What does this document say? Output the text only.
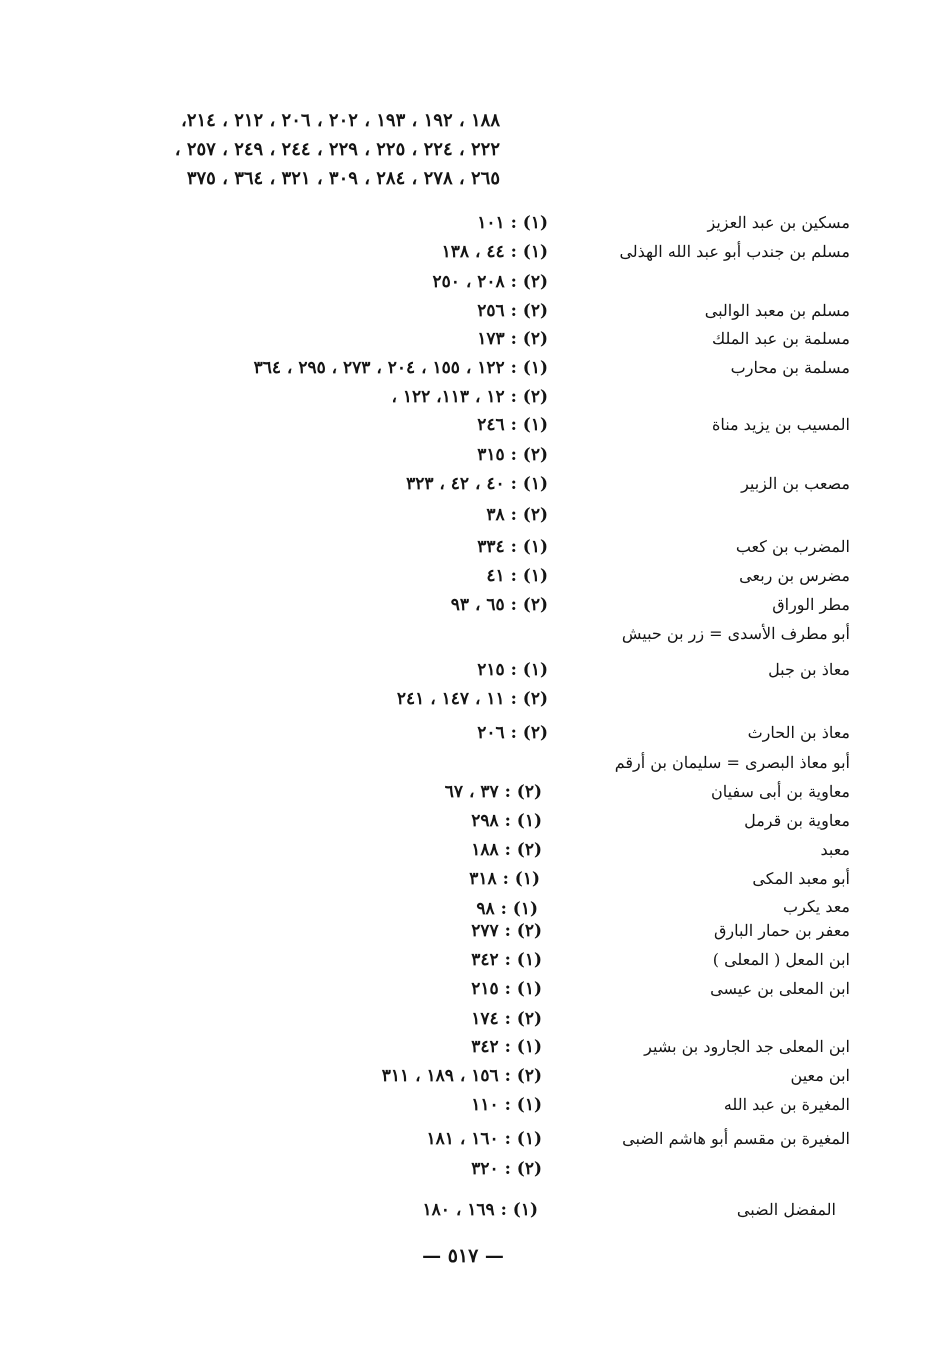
١٨٨ ، ١٩٢ ، ١٩٣ ، ٢٠٢ ، ٢٠٦ ، ٢١٢ ، ٢١٤،
٢٢٢ ، ٢٢٤ ، ٢٢٥ ، ٢٢٩ ، ٢٤٤ ، ٢٤٩ ، ٢٥٧ ،
٢٦٥ ، ٢٧٨ ، ٢٨٤ ، ٣٠٩ ، ٣٢١ ، ٣٦٤ ، ٣٧٥
مسكين بن عبد العزيز
(١) : ١٠١
مسلم بن جندب أبو عبد الله الهذلى
(١) : ٤٤ ، ١٣٨
(٢) : ٢٠٨ ، ٢٥٠
مسلم بن معبد الوالبى
(٢) : ٢٥٦
مسلمة بن عبد الملك
(٢) : ١٧٣
مسلمة بن محارب
(١) : ١٢٢ ، ١٥٥ ، ٢٠٤ ، ٢٧٣ ، ٢٩٥ ، ٣٦٤
(٢) : ١٢ ، ١١٣، ١٢٢ ،
المسيب بن يزيد مناة
(١) : ٢٤٦
(٢) : ٣١٥
مصعب بن الزبير
(١) : ٤٠ ، ٤٢ ، ٣٢٣
(٢) : ٣٨
المضرب بن كعب
(١) : ٣٣٤
مضرس بن ربعى
(١) : ٤١
مطر الوراق
(٢) : ٦٥ ، ٩٣
أبو مطرف الأسدى = زر بن حبيش
معاذ بن جبل
(١) : ٢١٥
(٢) : ١١ ، ١٤٧ ، ٢٤١
معاذ بن الحارث
(٢) : ٢٠٦
أبو معاذ البصرى = سليمان بن أرقم
معاوية بن أبى سفيان
(٢) : ٣٧ ، ٦٧
معاوية بن قرمل
(١) : ٢٩٨
معبد
(٢) : ١٨٨
أبو معبد المكى
(١) : ٣١٨
معد يكرب
(١) : ٩٨
معفر بن حمار البارق
(٢) : ٢٧٧
ابن المعل ( المعلى )
(١) : ٣٤٢
ابن المعلى بن عيسى
(١) : ٢١٥
(٢) : ١٧٤
ابن المعلى جد الجارود بن بشير
(١) : ٣٤٢
ابن معين
(٢) : ١٥٦ ، ١٨٩ ، ٣١١
المغيرة بن عبد الله
(١) : ١١٠
المغيرة بن مقسم أبو هاشم الضبى
(١) : ١٦٠ ، ١٨١
(٢) : ٣٢٠
المفضل الضبى
(١) : ١٦٩ ، ١٨٠
— ٥١٧ —
